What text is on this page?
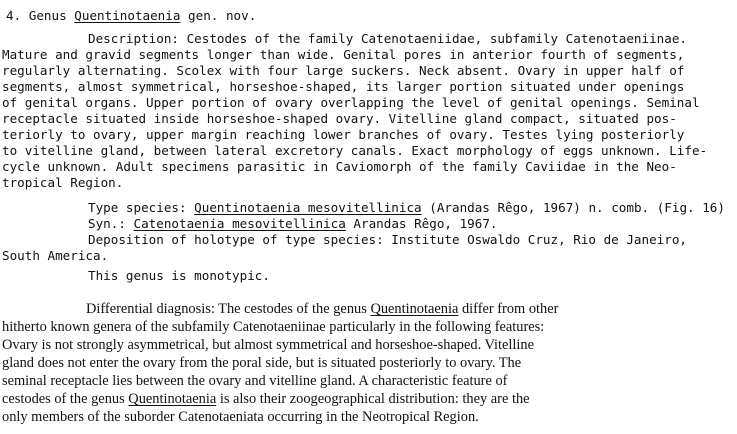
4. Genus Quentinotaenia gen. nov.
Description: Cestodes of the family Catenotaeniidae, subfamily Catenotaeniinae.
Mature and gravid segments longer than wide. Genital pores in anterior fourth of segments,
regularly alternating. Scolex with four large suckers. Neck absent. Ovary in upper half of
segments, almost symmetrical, horseshoe-shaped, its larger portion situated under openings
of genital organs. Upper portion of ovary overlapping the level of genital openings. Seminal
receptacle situated inside horseshoe-shaped ovary. Vitelline gland compact, situated pos-
teriorly to ovary, upper margin reaching lower branches of ovary. Testes lying posteriorly
to vitelline gland, between lateral excretory canals. Exact morphology of eggs unknown. Life-
cycle unknown. Adult specimens parasitic in Caviomorph of the family Caviidae in the Neo-
tropical Region.
Type species: Quentinotaenia mesovitellinica (Arandas Rêgo, 1967) n. comb. (Fig. 16)
Syn.: Catenotaenia mesovitellinica Arandas Rêgo, 1967.
Deposition of holotype of type species: Institute Oswaldo Cruz, Rio de Janeiro,
South America.
This genus is monotypic.
Differential diagnosis: The cestodes of the genus Quentinotaenia differ from other
hitherto known genera of the subfamily Catenotaeniinae particularly in the following features:
Ovary is not strongly asymmetrical, but almost symmetrical and horseshoe-shaped. Vitelline
gland does not enter the ovary from the poral side, but is situated posteriorly to ovary. The
seminal receptacle lies between the ovary and vitelline gland. A characteristic feature of
cestodes of the genus Quentinotaenia is also their zoogeographical distribution: they are the
only members of the suborder Catenotaeniata occurring in the Neotropical Region.
